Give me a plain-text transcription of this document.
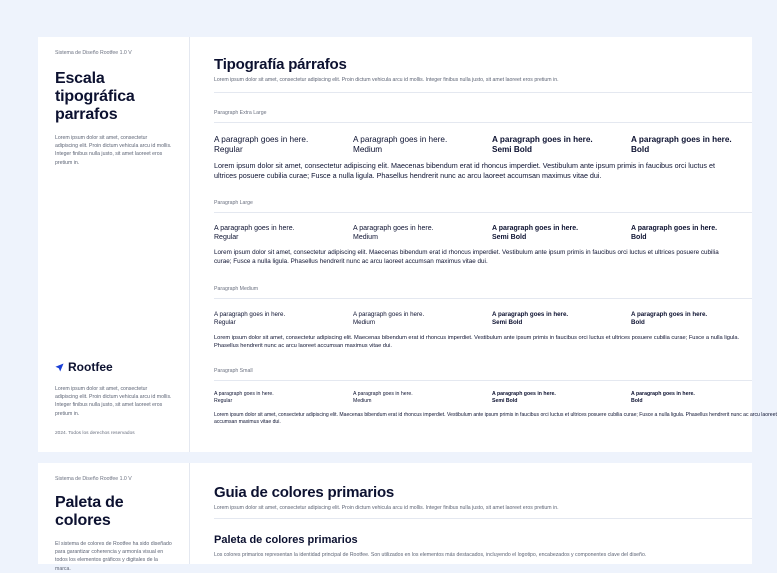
Sistema de Diseño Rootfee 1.0 V
Escala
tipográfica
parrafos
Lorem ipsum dolor sit amet, consectetur
adipiscing elit. Proin dictum vehicula arcu id mollis.
Integer finibus nulla justo, sit amet laoreet eros
pretium in.
Rootfee
Lorem ipsum dolor sit amet, consectetur
adipiscing elit. Proin dictum vehicula arcu id mollis.
Integer finibus nulla justo, sit amet laoreet eros
pretium in.
2024. Todos los derechos reservados
Tipografía párrafos
Lorem ipsum dolor sit amet, consectetur adipiscing elit. Proin dictum vehicula arcu id mollis. Integer finibus nulla justo, sit amet laoreet eros pretium in.
Paragraph Extra Large
A paragraph goes in here.
Regular
A paragraph goes in here.
Medium
A paragraph goes in here.
Semi Bold
A paragraph goes in here.
Bold
Lorem ipsum dolor sit amet, consectetur adipiscing elit. Maecenas bibendum erat id rhoncus imperdiet. Vestibulum ante ipsum primis in faucibus orci luctus et
ultrices posuere cubilia curae; Fusce a nulla ligula. Phasellus hendrerit nunc ac arcu laoreet accumsan maximus vitae dui.
Paragraph Large
A paragraph goes in here.
Regular
A paragraph goes in here.
Medium
A paragraph goes in here.
Semi Bold
A paragraph goes in here.
Bold
Lorem ipsum dolor sit amet, consectetur adipiscing elit. Maecenas bibendum erat id rhoncus imperdiet. Vestibulum ante ipsum primis in faucibus orci luctus et ultrices posuere cubilia
curae; Fusce a nulla ligula. Phasellus hendrerit nunc ac arcu laoreet accumsan maximus vitae dui.
Paragraph Medium
A paragraph goes in here.
Regular
A paragraph goes in here.
Medium
A paragraph goes in here.
Semi Bold
A paragraph goes in here.
Bold
Lorem ipsum dolor sit amet, consectetur adipiscing elit. Maecenas bibendum erat id rhoncus imperdiet. Vestibulum ante ipsum primis in faucibus orci luctus et ultrices posuere cubilia curae; Fusce a nulla ligula.
Phasellus hendrerit nunc ac arcu laoreet accumsan maximus vitae dui.
Paragraph Small
A paragraph goes in here.
Regular
A paragraph goes in here.
Medium
A paragraph goes in here.
Semi Bold
A paragraph goes in here.
Bold
Lorem ipsum dolor sit amet, consectetur adipiscing elit. Maecenas bibendum erat id rhoncus imperdiet. Vestibulum ante ipsum primis in faucibus orci luctus et ultrices posuere cubilia curae; Fusce a nulla ligula. Phasellus hendrerit nunc ac arcu laoreet
accumsan maximus vitae dui.
Sistema de Diseño Rootfee 1.0 V
Paleta de colores
El sistema de colores de Rootfee ha sido diseñado
para garantizar coherencia y armonía visual en
todos los elementos gráficos y digitales de la
marca.
Guia de colores primarios
Lorem ipsum dolor sit amet, consectetur adipiscing elit. Proin dictum vehicula arcu id mollis. Integer finibus nulla justo, sit amet laoreet eros pretium in.
Paleta de colores primarios
Los colores primarios representan la identidad principal de Rootfee. Son utilizados en los elementos más destacados, incluyendo el logotipo, encabezados y componentes clave del diseño.
